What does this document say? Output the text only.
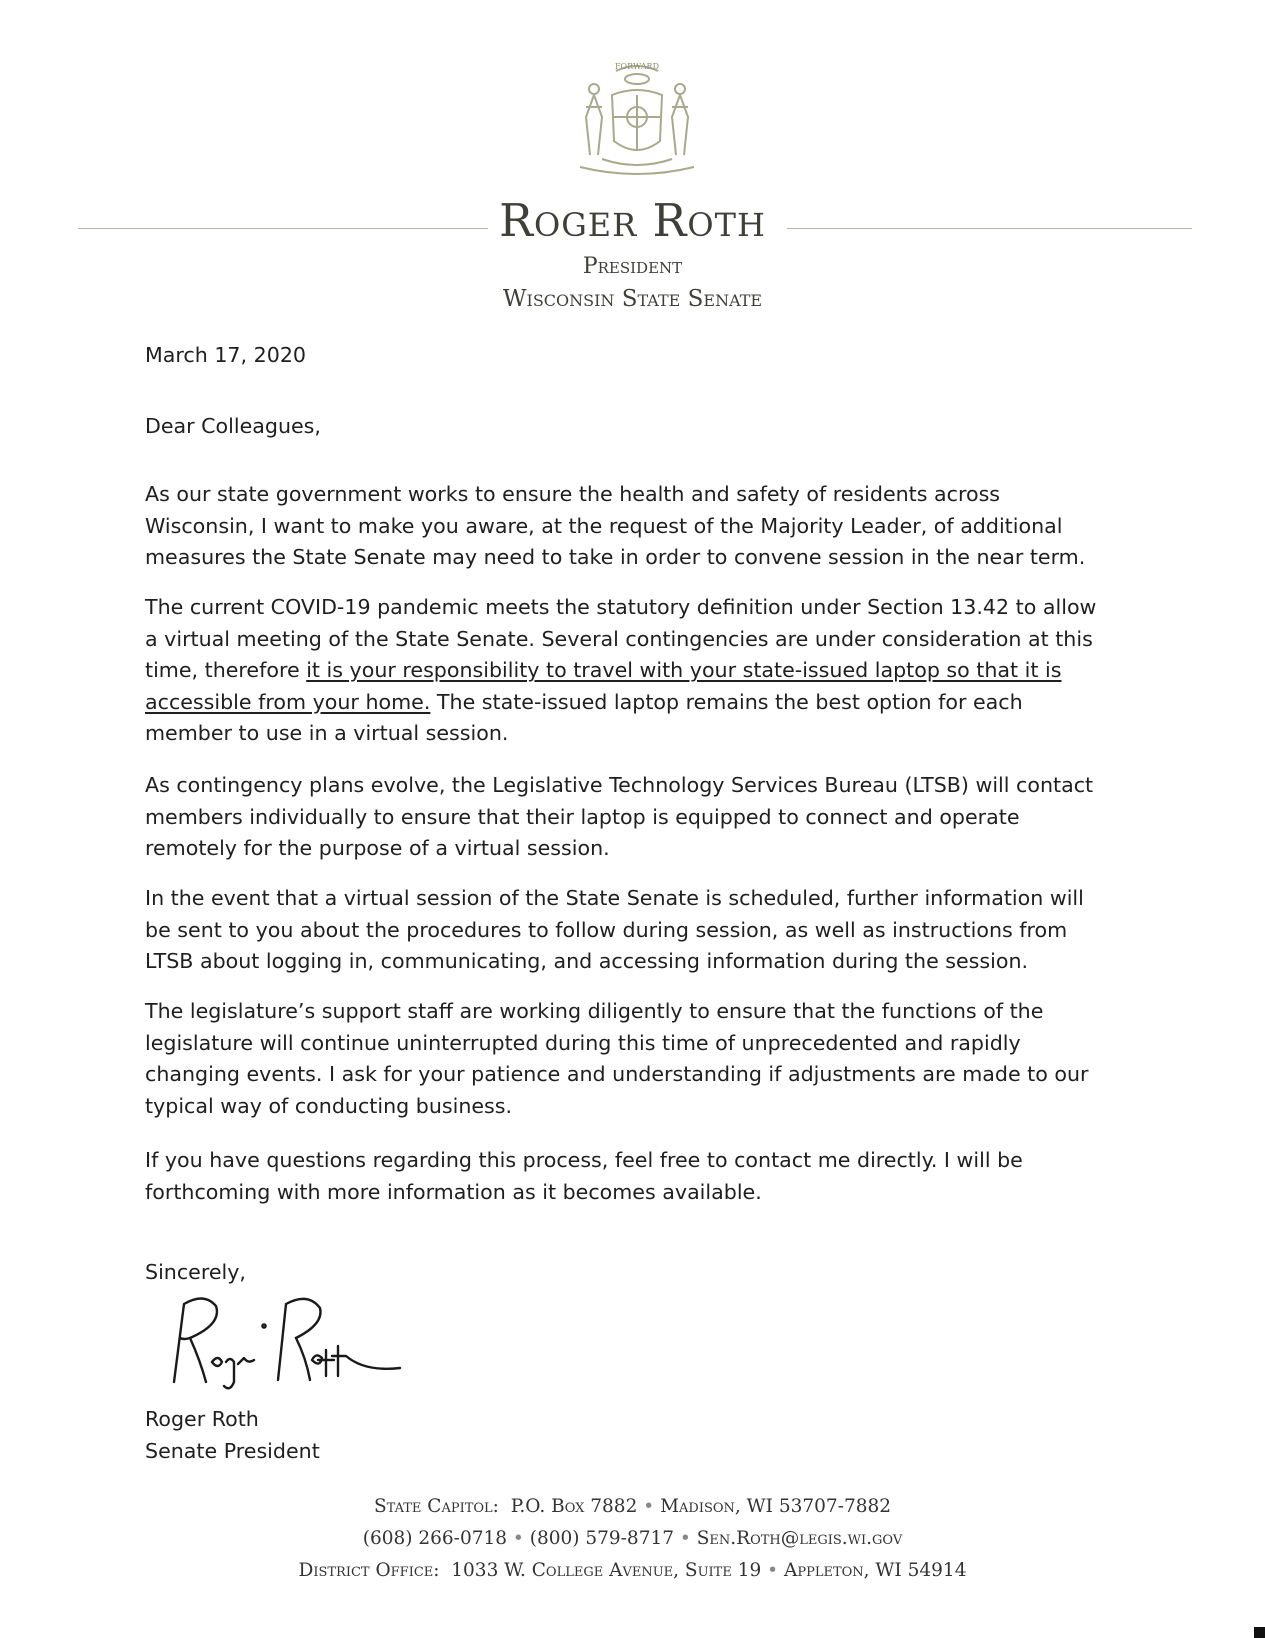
FORWARD
Roger Roth
President
Wisconsin State Senate
March 17, 2020
Dear Colleagues,

As our state government works to ensure the health and safety of residents across Wisconsin, I want to make you aware, at the request of the Majority Leader, of additional measures the State Senate may need to take in order to convene session in the near term.

The current COVID-19 pandemic meets the statutory definition under Section 13.42 to allow a virtual meeting of the State Senate. Several contingencies are under consideration at this time, therefore it is your responsibility to travel with your state-issued laptop so that it is accessible from your home. The state-issued laptop remains the best option for each member to use in a virtual session.

As contingency plans evolve, the Legislative Technology Services Bureau (LTSB) will contact members individually to ensure that their laptop is equipped to connect and operate remotely for the purpose of a virtual session.

In the event that a virtual session of the State Senate is scheduled, further information will be sent to you about the procedures to follow during session, as well as instructions from LTSB about logging in, communicating, and accessing information during the session.

The legislature’s support staff are working diligently to ensure that the functions of the legislature will continue uninterrupted during this time of unprecedented and rapidly changing events. I ask for your patience and understanding if adjustments are made to our typical way of conducting business.

If you have questions regarding this process, feel free to contact me directly. I will be forthcoming with more information as it becomes available.

Sincerely,
Roger Roth
Senate President
State Capitol: P.O. Box 7882 • Madison, WI 53707-7882
(608) 266-0718 • (800) 579-8717 • Sen.Roth@legis.wi.gov
District Office: 1033 W. College Avenue, Suite 19 • Appleton, WI 54914
